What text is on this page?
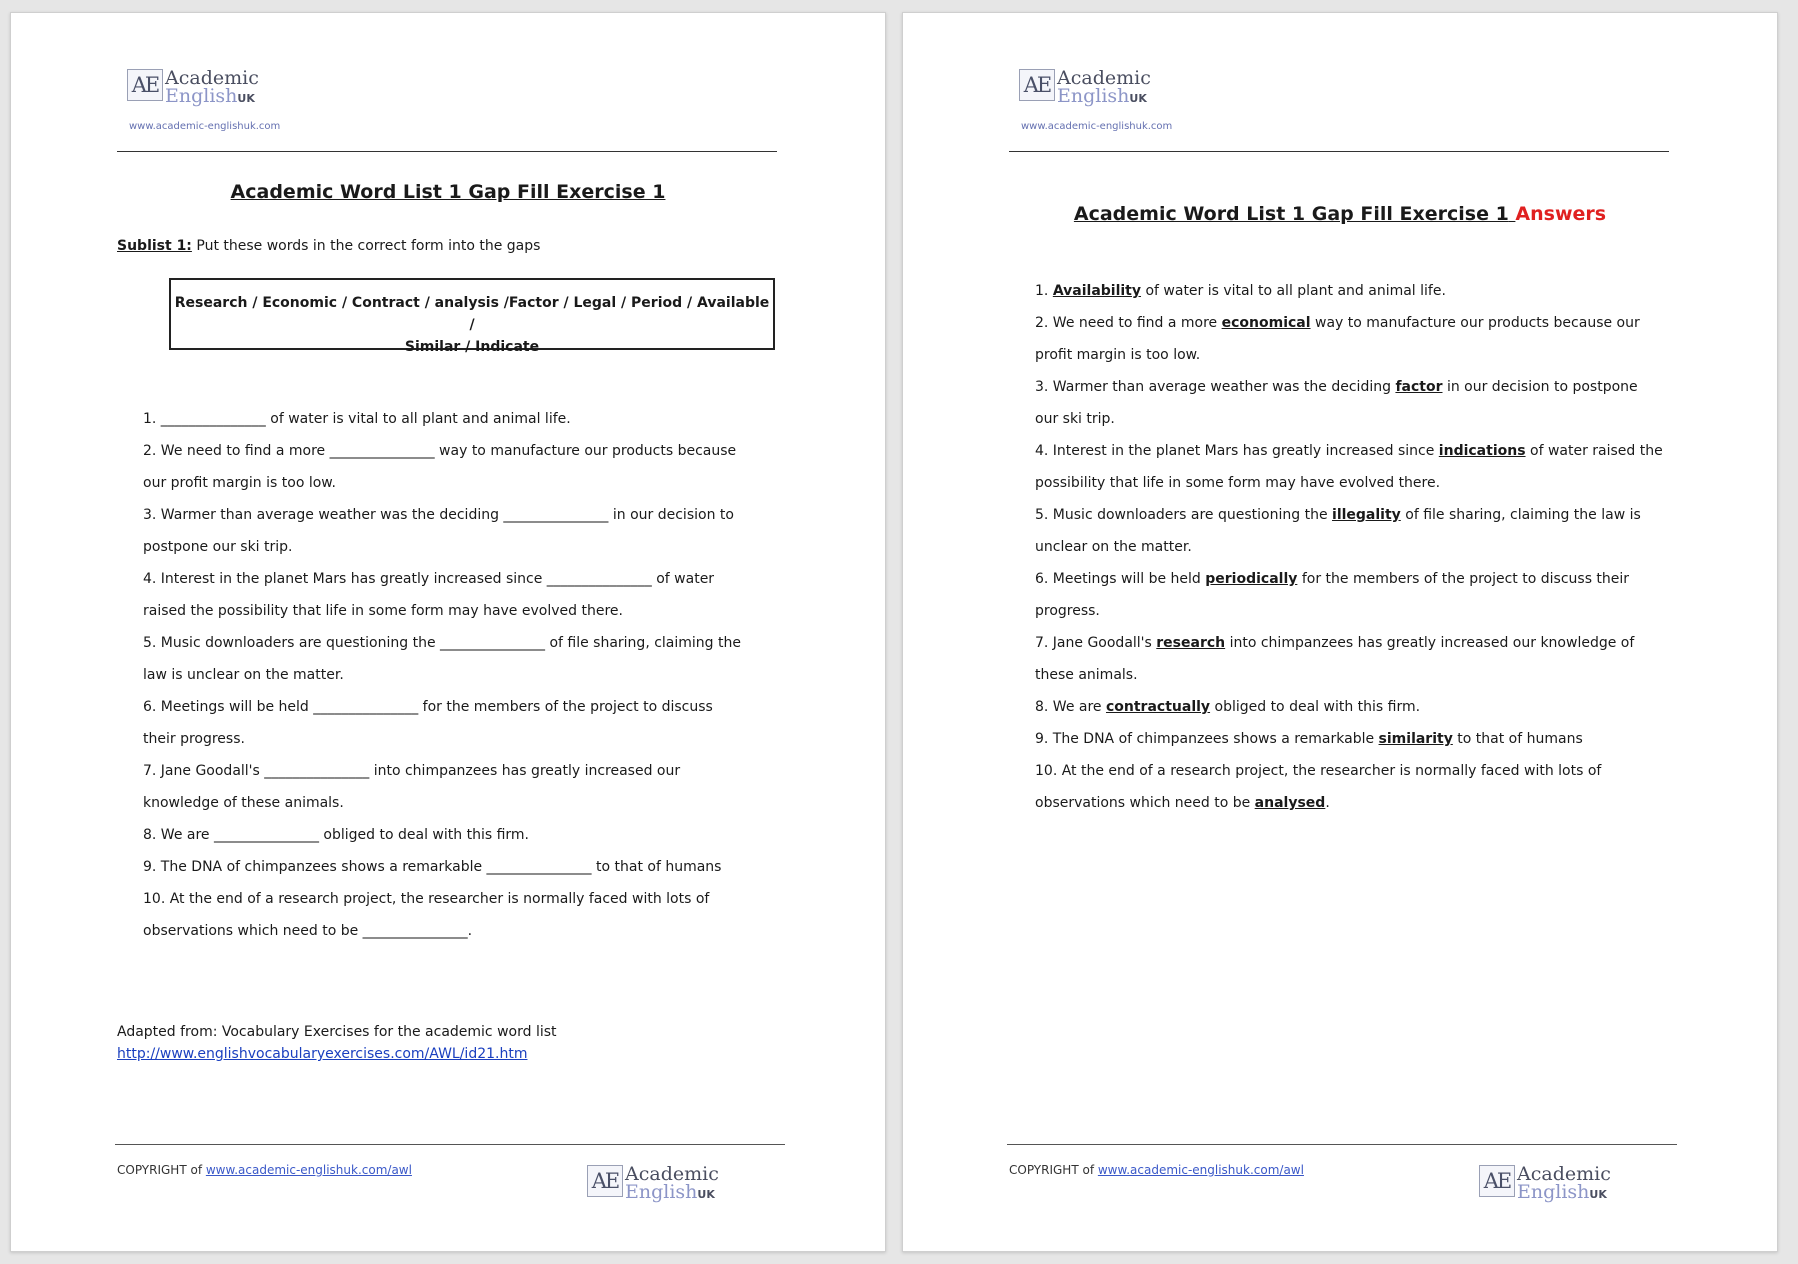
AE Academic
EnglishUK
www.academic-englishuk.com
Academic Word List 1 Gap Fill Exercise 1
Sublist 1: Put these words in the correct form into the gaps
Research / Economic / Contract / analysis /Factor / Legal / Period / Available /
Similar / Indicate

1. _______________ of water is vital to all plant and animal life.

2. We need to find a more _______________ way to manufacture our products because

our profit margin is too low.

3. Warmer than average weather was the deciding _______________ in our decision to

postpone our ski trip.

4. Interest in the planet Mars has greatly increased since _______________ of water

raised the possibility that life in some form may have evolved there.

5. Music downloaders are questioning the _______________ of file sharing, claiming the

law is unclear on the matter.

6. Meetings will be held _______________ for the members of the project to discuss

their progress.

7. Jane Goodall's _______________ into chimpanzees has greatly increased our

knowledge of these animals.

8. We are _______________ obliged to deal with this firm.

9. The DNA of chimpanzees shows a remarkable _______________ to that of humans

10. At the end of a research project, the researcher is normally faced with lots of

observations which need to be _______________.

Adapted from: Vocabulary Exercises for the academic word list
http://www.englishvocabularyexercises.com/AWL/id21.htm
COPYRIGHT of www.academic-englishuk.com/awl	AE Academic
EnglishUK
AE Academic
EnglishUK
www.academic-englishuk.com
Academic Word List 1 Gap Fill Exercise 1 Answers

1. Availability of water is vital to all plant and animal life.

2. We need to find a more economical way to manufacture our products because our

profit margin is too low.

3. Warmer than average weather was the deciding factor in our decision to postpone

our ski trip.

4. Interest in the planet Mars has greatly increased since indications of water raised the

possibility that life in some form may have evolved there.

5. Music downloaders are questioning the illegality of file sharing, claiming the law is

unclear on the matter.

6. Meetings will be held periodically for the members of the project to discuss their

progress.

7. Jane Goodall's research into chimpanzees has greatly increased our knowledge of

these animals.

8. We are contractually obliged to deal with this firm.

9. The DNA of chimpanzees shows a remarkable similarity to that of humans

10. At the end of a research project, the researcher is normally faced with lots of

observations which need to be analysed.

COPYRIGHT of www.academic-englishuk.com/awl	AE Academic
EnglishUK
